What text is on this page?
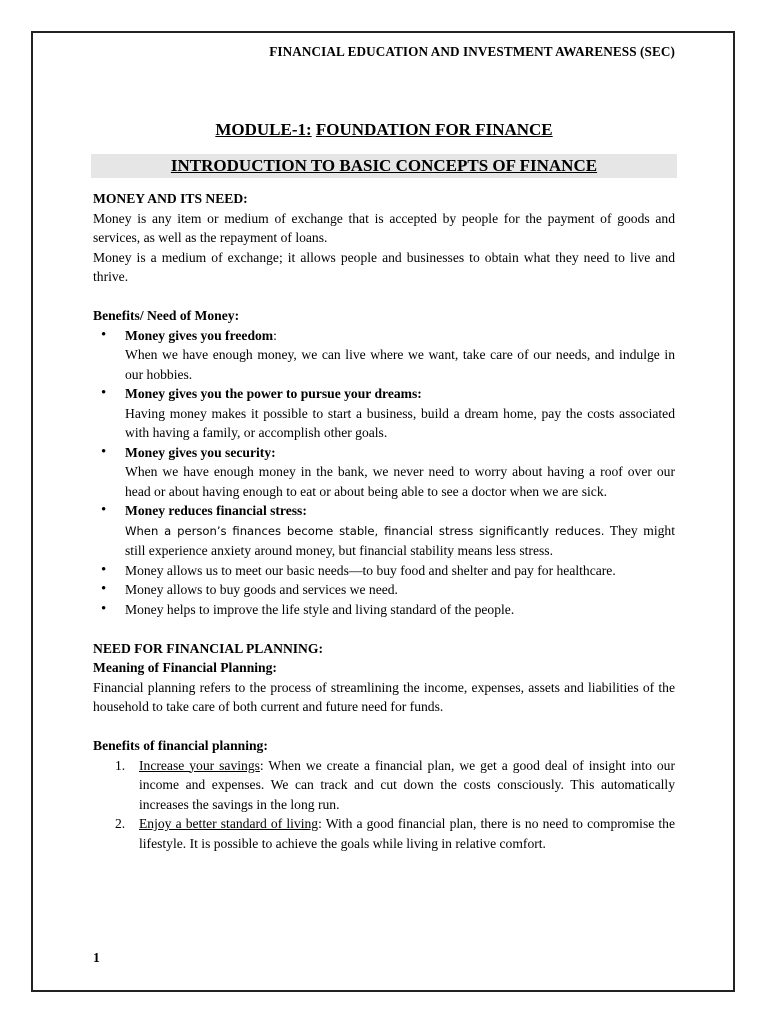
FINANCIAL EDUCATION AND INVESTMENT AWARENESS (SEC)
MODULE-1: FOUNDATION FOR FINANCE
INTRODUCTION TO BASIC CONCEPTS OF FINANCE

MONEY AND ITS NEED:

Money is any item or medium of exchange that is accepted by people for the payment of goods and services, as well as the repayment of loans.

Money is a medium of exchange; it allows people and businesses to obtain what they need to live and thrive.

Benefits/ Need of Money:

• Money gives you freedom:
When we have enough money, we can live where we want, take care of our needs, and indulge in our hobbies.
• Money gives you the power to pursue your dreams:
Having money makes it possible to start a business, build a dream home, pay the costs associated with having a family, or accomplish other goals.
• Money gives you security:
When we have enough money in the bank, we never need to worry about having a roof over our head or about having enough to eat or about being able to see a doctor when we are sick.
• Money reduces financial stress:
When a person’s finances become stable, financial stress significantly reduces. They might still experience anxiety around money, but financial stability means less stress.
• Money allows us to meet our basic needs—to buy food and shelter and pay for healthcare.
• Money allows to buy goods and services we need.
• Money helps to improve the life style and living standard of the people.

NEED FOR FINANCIAL PLANNING:

Meaning of Financial Planning:

Financial planning refers to the process of streamlining the income, expenses, assets and liabilities of the household to take care of both current and future need for funds.

Benefits of financial planning:

1. Increase your savings: When we create a financial plan, we get a good deal of insight into our income and expenses. We can track and cut down the costs consciously. This automatically increases the savings in the long run.
2. Enjoy a better standard of living: With a good financial plan, there is no need to compromise the lifestyle. It is possible to achieve the goals while living in relative comfort.
1
